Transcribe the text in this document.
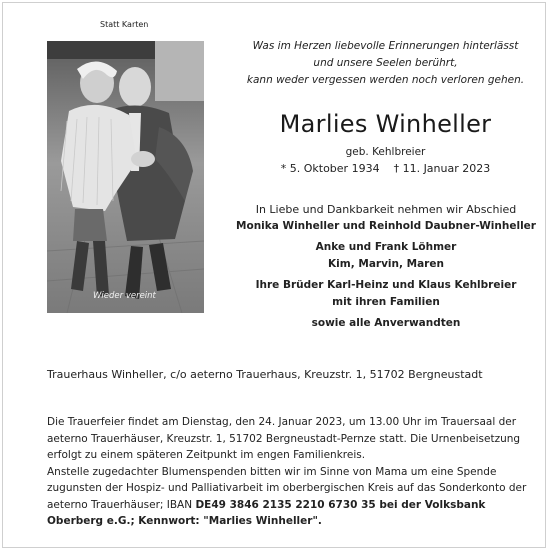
Statt Karten
Wieder vereint
Was im Herzen liebevolle Erinnerungen hinterlässt
und unsere Seelen berührt,
kann weder vergessen werden noch verloren gehen.
Marlies Winheller
geb. Kehlbreier
* 5. Oktober 1934 † 11. Januar 2023
In Liebe und Dankbarkeit nehmen wir Abschied
Monika Winheller und Reinhold Daubner-Winheller
Anke und Frank Löhmer
Kim, Marvin, Maren
Ihre Brüder Karl-Heinz und Klaus Kehlbreier
mit ihren Familien
sowie alle Anverwandten
Trauerhaus Winheller, c/o aeterno Trauerhaus, Kreuzstr. 1, 51702 Bergneustadt

Die Trauerfeier findet am Dienstag, den 24. Januar 2023, um 13.00 Uhr im Trauersaal der aeterno Trauerhäuser, Kreuzstr. 1, 51702 Bergneustadt-Pernze statt. Die Urnenbeisetzung erfolgt zu einem späteren Zeitpunkt im engen Familienkreis.

Anstelle zugedachter Blumenspenden bitten wir im Sinne von Mama um eine Spende zugunsten der Hospiz- und Palliativarbeit im oberbergischen Kreis auf das Sonderkonto der aeterno Trauerhäuser; IBAN DE49 3846 2135 2210 6730 35 bei der Volksbank Oberberg e.G.; Kennwort: "Marlies Winheller".
